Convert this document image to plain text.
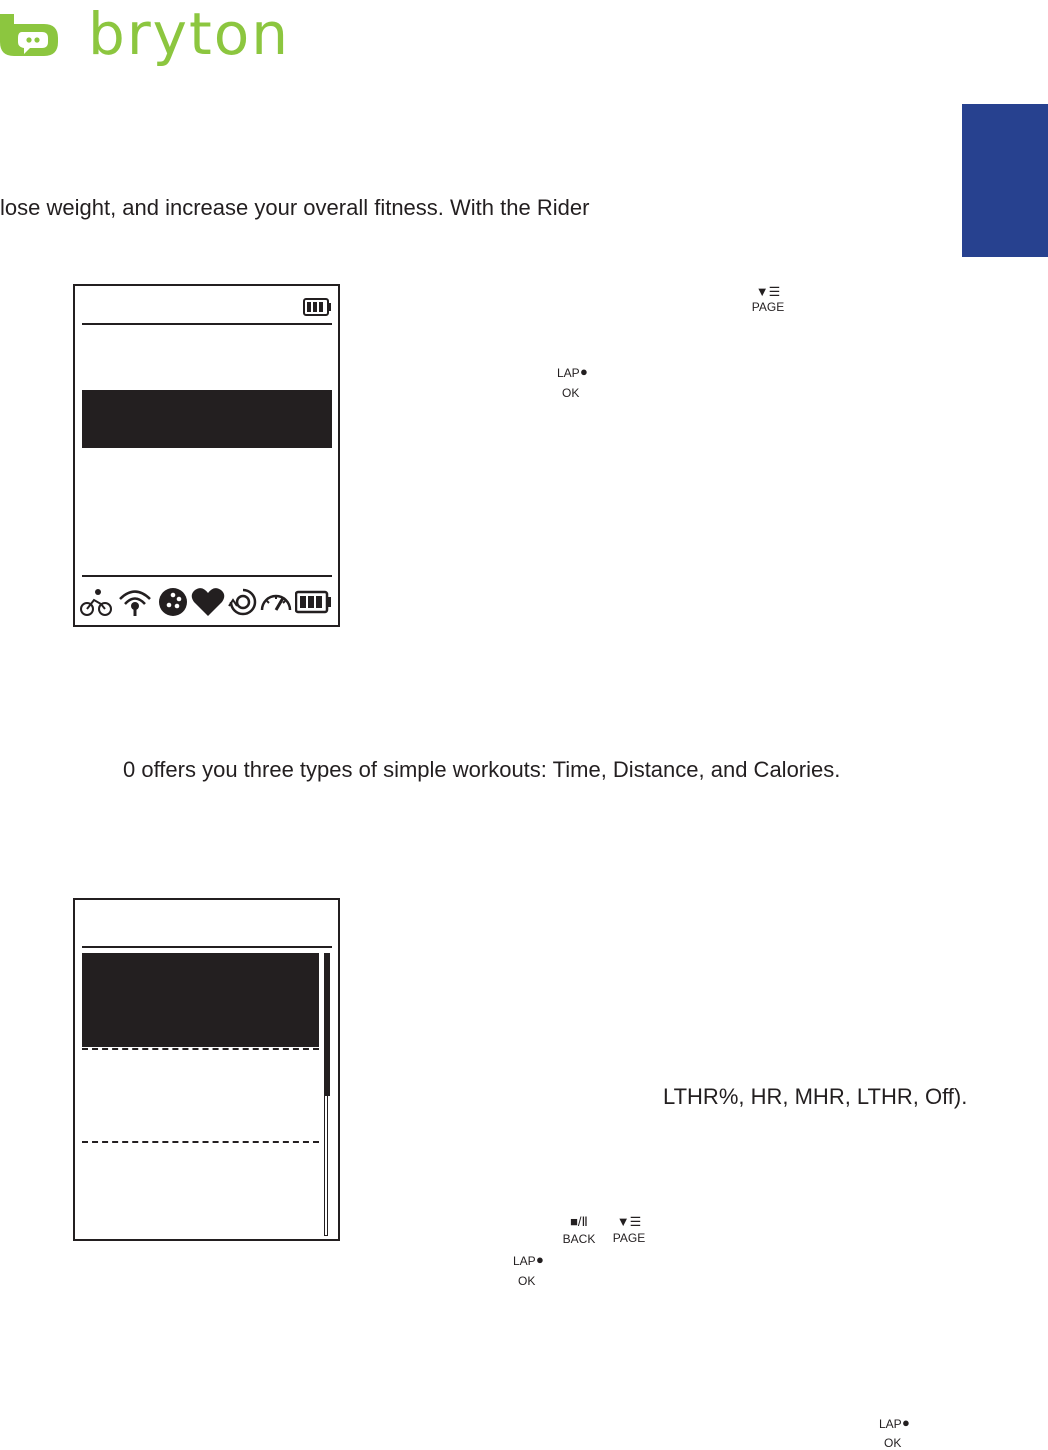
bryton
lose weight, and increase your overall fitness. With the Rider
0 offers you three types of simple workouts: Time, Distance, and Calories.
LTHR%, HR, MHR, LTHR, Off).
▼☰
PAGE
LAP ●
OK
■/Ⅱ
BACK
▼☰
PAGE
LAP ●
OK
LAP ●
OK
